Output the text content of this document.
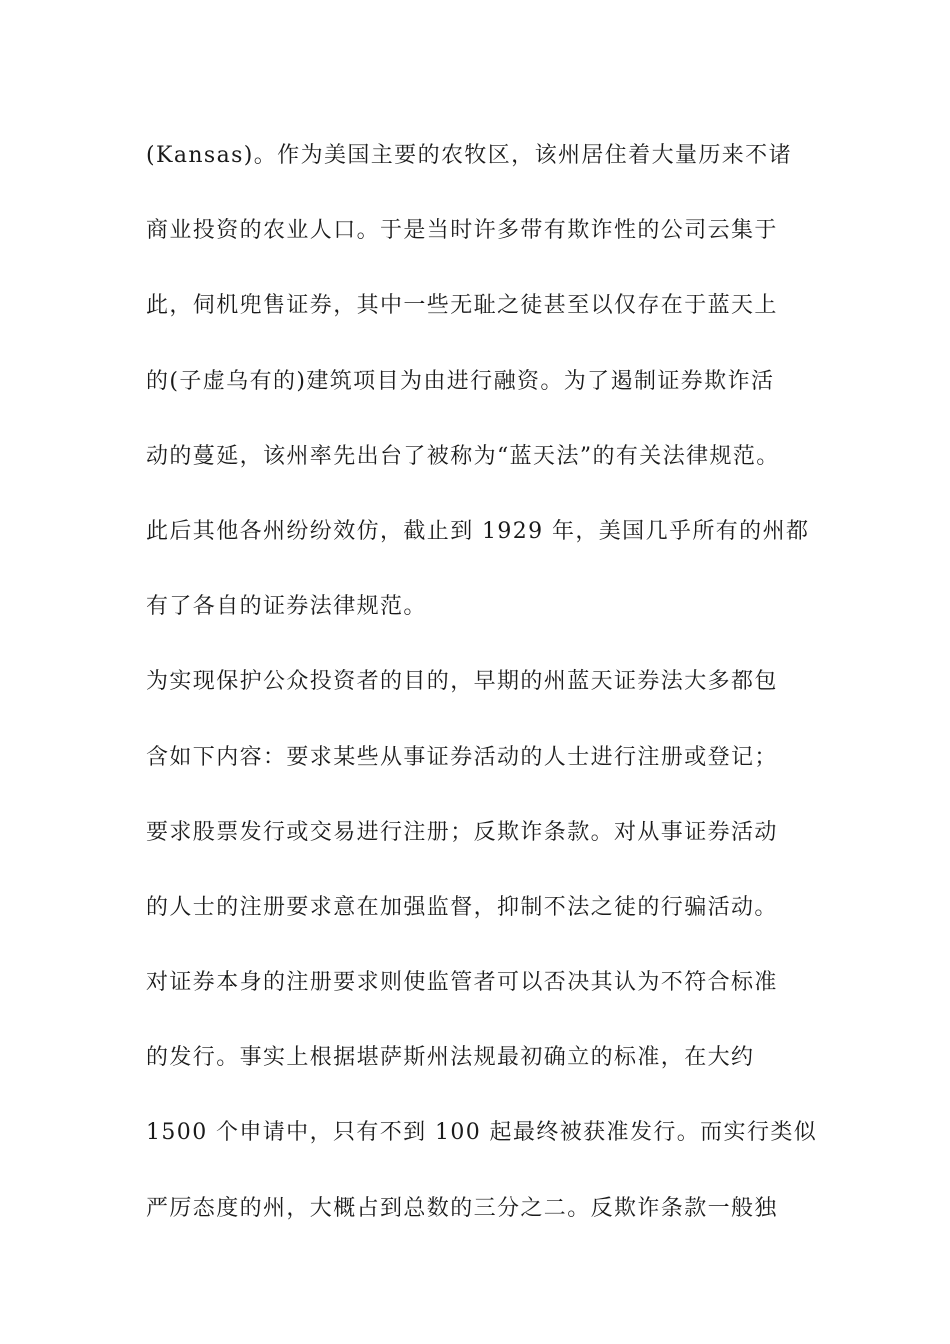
(Kansas)。作为美国主要的农牧区，该州居住着大量历来不诸
商业投资的农业人口。于是当时许多带有欺诈性的公司云集于
此，伺机兜售证券，其中一些无耻之徒甚至以仅存在于蓝天上
的(子虚乌有的)建筑项目为由进行融资。为了遏制证券欺诈活
动的蔓延，该州率先出台了被称为“蓝天法”的有关法律规范。
此后其他各州纷纷效仿，截止到 1929 年，美国几乎所有的州都
有了各自的证券法律规范。
为实现保护公众投资者的目的，早期的州蓝天证券法大多都包
含如下内容：要求某些从事证券活动的人士进行注册或登记；
要求股票发行或交易进行注册；反欺诈条款。对从事证券活动
的人士的注册要求意在加强监督，抑制不法之徒的行骗活动。
对证券本身的注册要求则使监管者可以否决其认为不符合标准
的发行。事实上根据堪萨斯州法规最初确立的标准，在大约
1500 个申请中，只有不到 100 起最终被获准发行。而实行类似
严厉态度的州，大概占到总数的三分之二。反欺诈条款一般独
